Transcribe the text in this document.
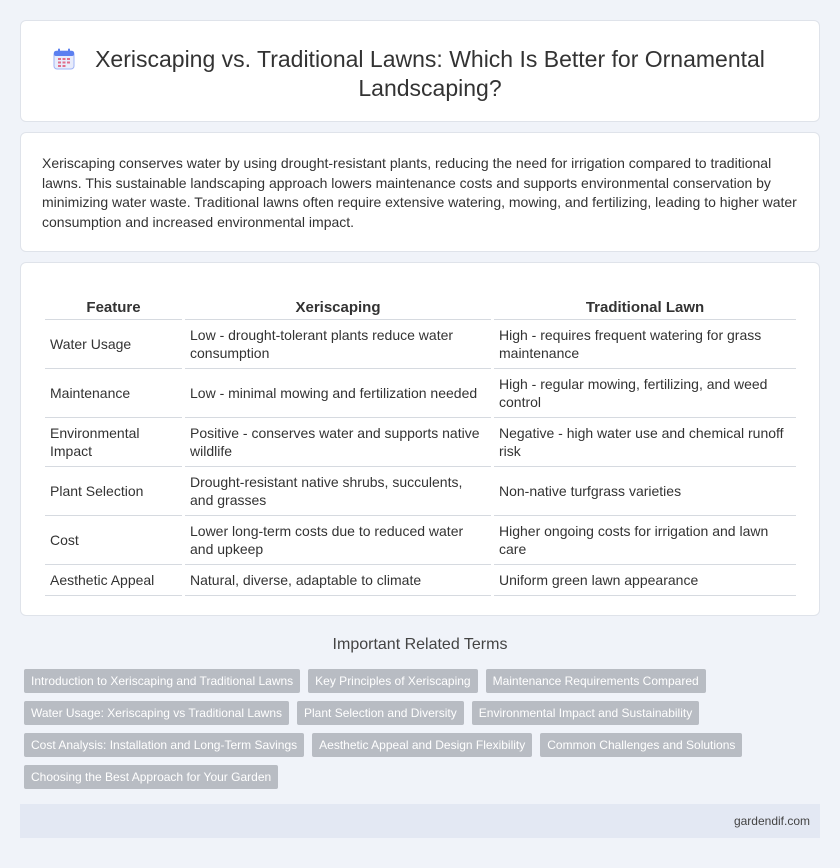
Xeriscaping vs. Traditional Lawns: Which Is Better for Ornamental Landscaping?

Xeriscaping conserves water by using drought-resistant plants, reducing the need for irrigation compared to traditional lawns. This sustainable landscaping approach lowers maintenance costs and supports environmental conservation by minimizing water waste. Traditional lawns often require extensive watering, mowing, and fertilizing, leading to higher water consumption and increased environmental impact.

Feature	Xeriscaping	Traditional Lawn
Water Usage	Low - drought-tolerant plants reduce water consumption	High - requires frequent watering for grass maintenance
Maintenance	Low - minimal mowing and fertilization needed	High - regular mowing, fertilizing, and weed control
Environmental Impact	Positive - conserves water and supports native wildlife	Negative - high water use and chemical runoff risk
Plant Selection	Drought-resistant native shrubs, succulents, and grasses	Non-native turfgrass varieties
Cost	Lower long-term costs due to reduced water and upkeep	Higher ongoing costs for irrigation and lawn care
Aesthetic Appeal	Natural, diverse, adaptable to climate	Uniform green lawn appearance
Important Related Terms
Introduction to Xeriscaping and Traditional Lawns	Key Principles of Xeriscaping	Maintenance Requirements Compared
Water Usage: Xeriscaping vs Traditional Lawns	Plant Selection and Diversity	Environmental Impact and Sustainability
Cost Analysis: Installation and Long-Term Savings	Aesthetic Appeal and Design Flexibility	Common Challenges and Solutions
Choosing the Best Approach for Your Garden
gardendif.com
